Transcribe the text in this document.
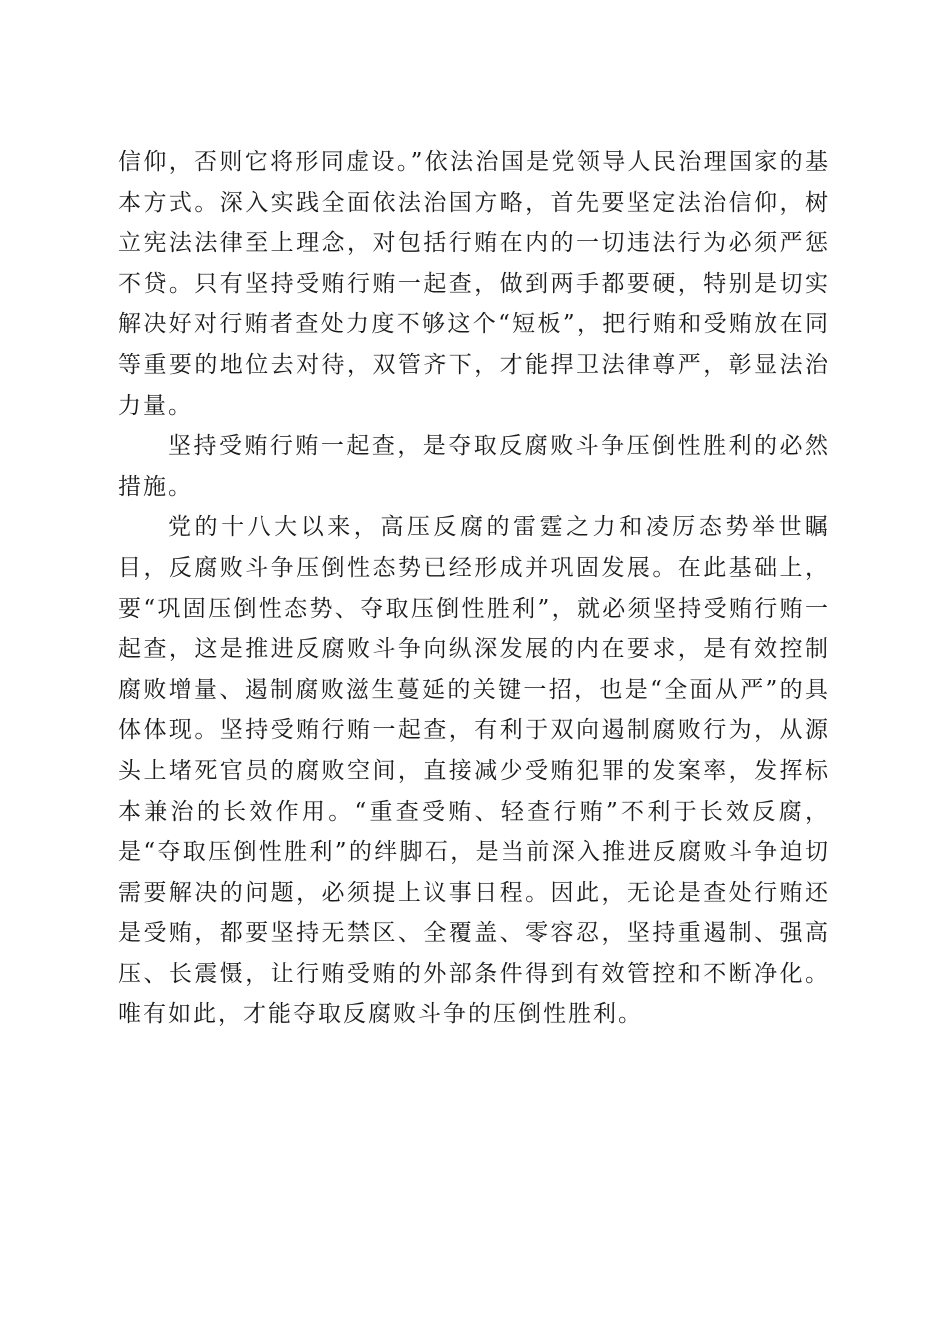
信仰，否则它将形同虚设。”依法治国是党领导人民治理国家的基本方式。深入实践全面依法治国方略，首先要坚定法治信仰，树立宪法法律至上理念，对包括行贿在内的一切违法行为必须严惩不贷。只有坚持受贿行贿一起查，做到两手都要硬，特别是切实解决好对行贿者查处力度不够这个“短板”，把行贿和受贿放在同等重要的地位去对待，双管齐下，才能捍卫法律尊严，彰显法治力量。

坚持受贿行贿一起查，是夺取反腐败斗争压倒性胜利的必然措施。

党的十八大以来，高压反腐的雷霆之力和凌厉态势举世瞩目，反腐败斗争压倒性态势已经形成并巩固发展。在此基础上，要“巩固压倒性态势、夺取压倒性胜利”，就必须坚持受贿行贿一起查，这是推进反腐败斗争向纵深发展的内在要求，是有效控制腐败增量、遏制腐败滋生蔓延的关键一招，也是“全面从严”的具体体现。坚持受贿行贿一起查，有利于双向遏制腐败行为，从源头上堵死官员的腐败空间，直接减少受贿犯罪的发案率，发挥标本兼治的长效作用。“重查受贿、轻查行贿”不利于长效反腐，是“夺取压倒性胜利”的绊脚石，是当前深入推进反腐败斗争迫切需要解决的问题，必须提上议事日程。因此，无论是查处行贿还是受贿，都要坚持无禁区、全覆盖、零容忍，坚持重遏制、强高压、长震慑，让行贿受贿的外部条件得到有效管控和不断净化。唯有如此，才能夺取反腐败斗争的压倒性胜利。
